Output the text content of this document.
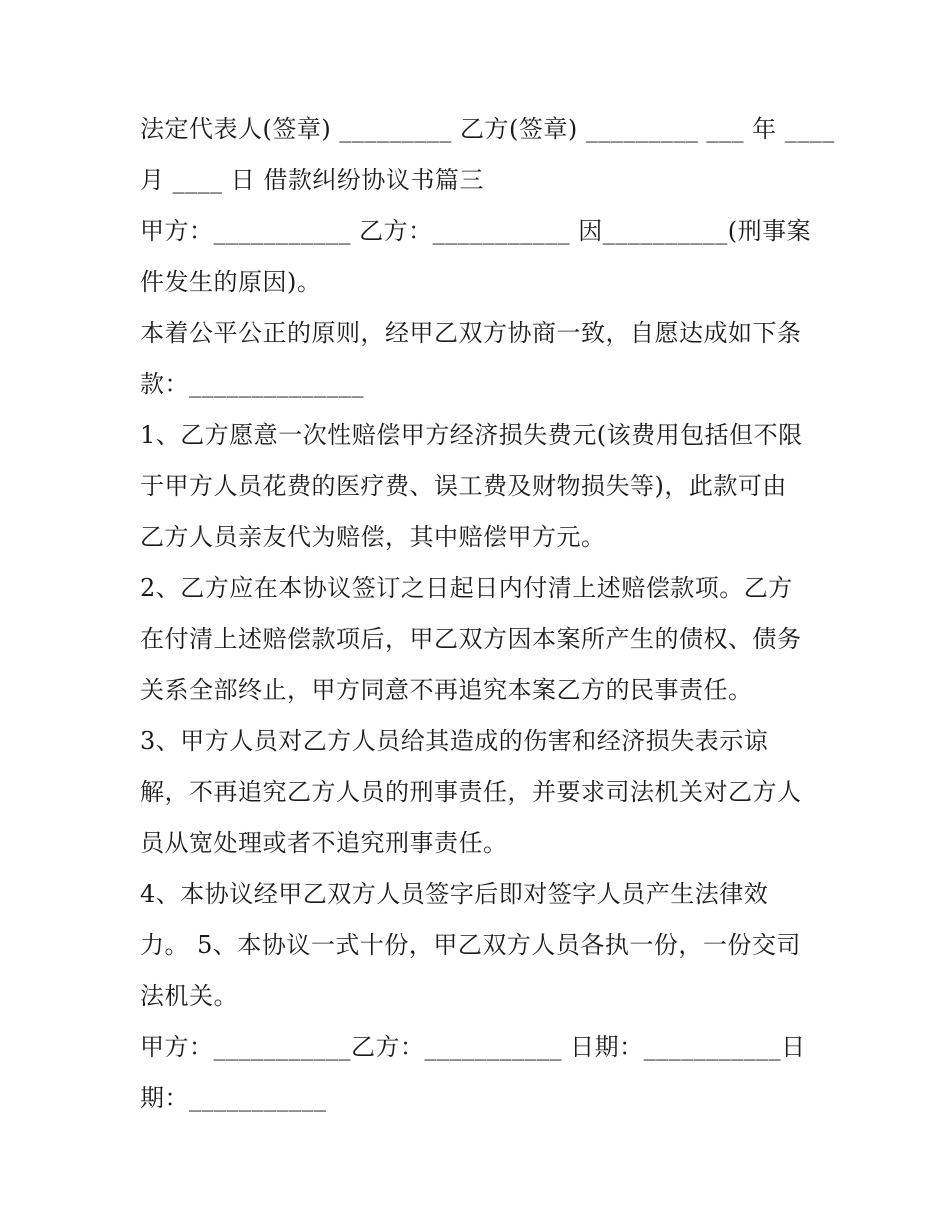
法定代表人(签章) _________ 乙方(签章) _________ ___ 年 ____
月 ____ 日 借款纠纷协议书篇三
甲方：___________ 乙方：___________ 因__________(刑事案
件发生的原因)。
本着公平公正的原则，经甲乙双方协商一致，自愿达成如下条
款：______________
1、乙方愿意一次性赔偿甲方经济损失费元(该费用包括但不限
于甲方人员花费的医疗费、误工费及财物损失等)，此款可由
乙方人员亲友代为赔偿，其中赔偿甲方元。
2、乙方应在本协议签订之日起日内付清上述赔偿款项。乙方
在付清上述赔偿款项后，甲乙双方因本案所产生的债权、债务
关系全部终止，甲方同意不再追究本案乙方的民事责任。
3、甲方人员对乙方人员给其造成的伤害和经济损失表示谅
解，不再追究乙方人员的刑事责任，并要求司法机关对乙方人
员从宽处理或者不追究刑事责任。
4、本协议经甲乙双方人员签字后即对签字人员产生法律效
力。 5、本协议一式十份，甲乙双方人员各执一份，一份交司
法机关。
甲方：___________乙方：___________ 日期：___________日
期：___________
